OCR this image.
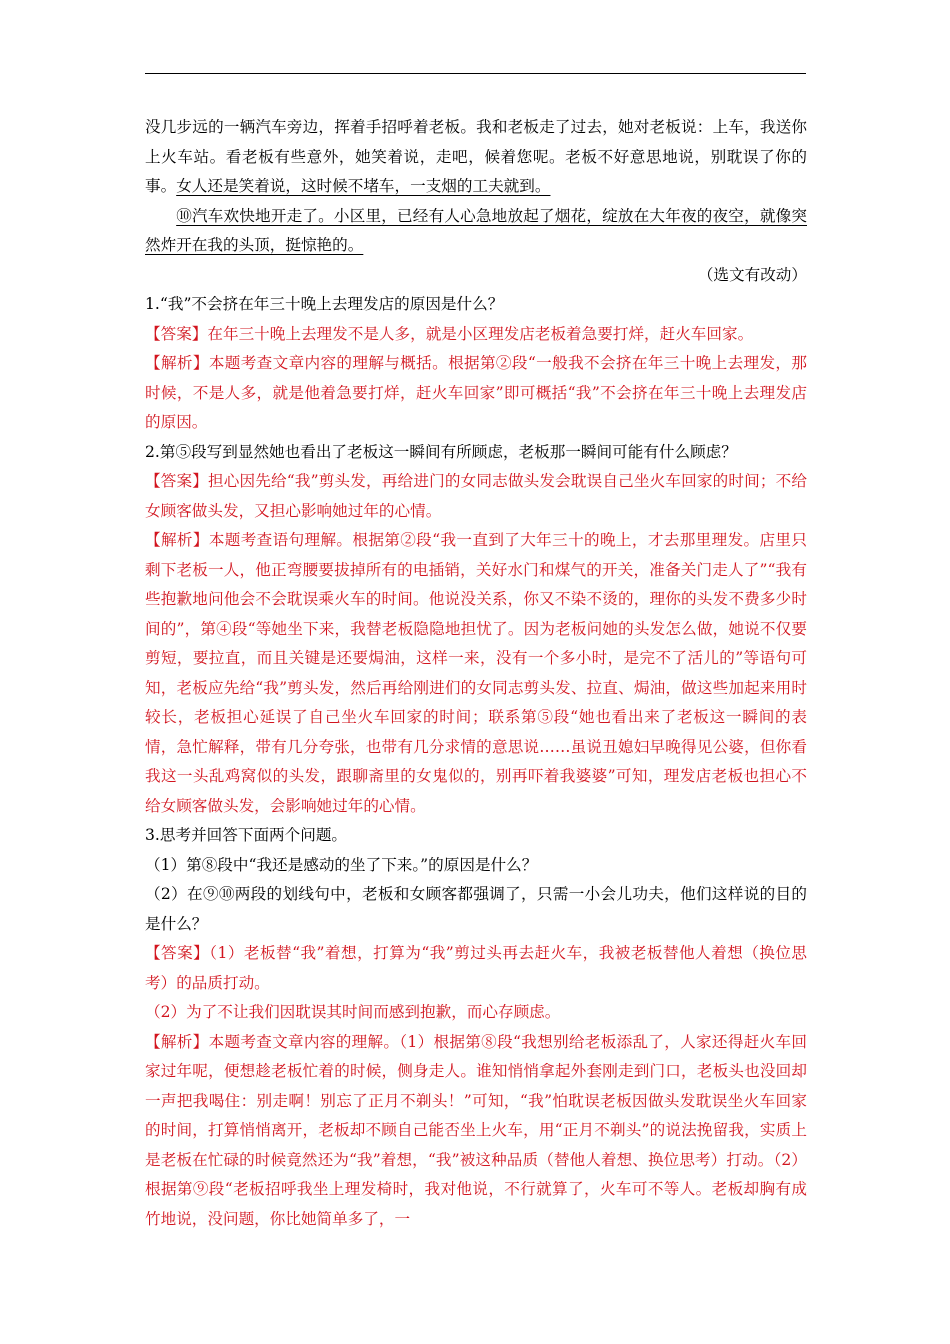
没几步远的一辆汽车旁边，挥着手招呼着老板。我和老板走了过去，她对老板说：上车，我送你上火车站。看老板有些意外，她笑着说，走吧，候着您呢。老板不好意思地说，别耽误了你的事。女人还是笑着说，这时候不堵车，一支烟的工夫就到。

⑩汽车欢快地开走了。小区里，已经有人心急地放起了烟花，绽放在大年夜的夜空，就像突然炸开在我的头顶，挺惊艳的。

（选文有改动）

1.“我”不会挤在年三十晚上去理发店的原因是什么？

【答案】在年三十晚上去理发不是人多，就是小区理发店老板着急要打烊，赶火车回家。

【解析】本题考查文章内容的理解与概括。根据第②段“一般我不会挤在年三十晚上去理发，那时候，不是人多，就是他着急要打烊，赶火车回家”即可概括“我”不会挤在年三十晚上去理发店的原因。

2.第⑤段写到显然她也看出了老板这一瞬间有所顾虑，老板那一瞬间可能有什么顾虑？

【答案】担心因先给“我”剪头发，再给进门的女同志做头发会耽误自己坐火车回家的时间；不给女顾客做头发，又担心影响她过年的心情。

【解析】本题考查语句理解。根据第②段“我一直到了大年三十的晚上，才去那里理发。店里只剩下老板一人，他正弯腰要拔掉所有的电插销，关好水门和煤气的开关，准备关门走人了”“我有些抱歉地问他会不会耽误乘火车的时间。他说没关系，你又不染不烫的，理你的头发不费多少时间的”，第④段“等她坐下来，我替老板隐隐地担忧了。因为老板问她的头发怎么做，她说不仅要剪短，要拉直，而且关键是还要焗油，这样一来，没有一个多小时，是完不了活儿的”等语句可知，老板应先给“我”剪头发，然后再给刚进们的女同志剪头发、拉直、焗油，做这些加起来用时较长，老板担心延误了自己坐火车回家的时间；联系第⑤段“她也看出来了老板这一瞬间的表情，急忙解释，带有几分夸张，也带有几分求情的意思说……虽说丑媳妇早晚得见公婆，但你看我这一头乱鸡窝似的头发，跟聊斋里的女鬼似的，别再吓着我婆婆”可知，理发店老板也担心不给女顾客做头发，会影响她过年的心情。

3.思考并回答下面两个问题。

（1）第⑧段中“我还是感动的坐了下来。”的原因是什么？

（2）在⑨⑩两段的划线句中，老板和女顾客都强调了，只需一小会儿功夫，他们这样说的目的是什么？

【答案】（1）老板替“我”着想，打算为“我”剪过头再去赶火车，我被老板替他人着想（换位思考）的品质打动。

（2）为了不让我们因耽误其时间而感到抱歉，而心存顾虑。

【解析】本题考查文章内容的理解。（1）根据第⑧段“我想别给老板添乱了，人家还得赶火车回家过年呢，便想趁老板忙着的时候，侧身走人。谁知悄悄拿起外套刚走到门口，老板头也没回却一声把我喝住：别走啊！别忘了正月不剃头！”可知，“我”怕耽误老板因做头发耽误坐火车回家的时间，打算悄悄离开，老板却不顾自己能否坐上火车，用“正月不剃头”的说法挽留我，实质上是老板在忙碌的时候竟然还为“我”着想，“我”被这种品质（替他人着想、换位思考）打动。（2）根据第⑨段“老板招呼我坐上理发椅时，我对他说，不行就算了，火车可不等人。老板却胸有成竹地说，没问题，你比她简单多了，一
